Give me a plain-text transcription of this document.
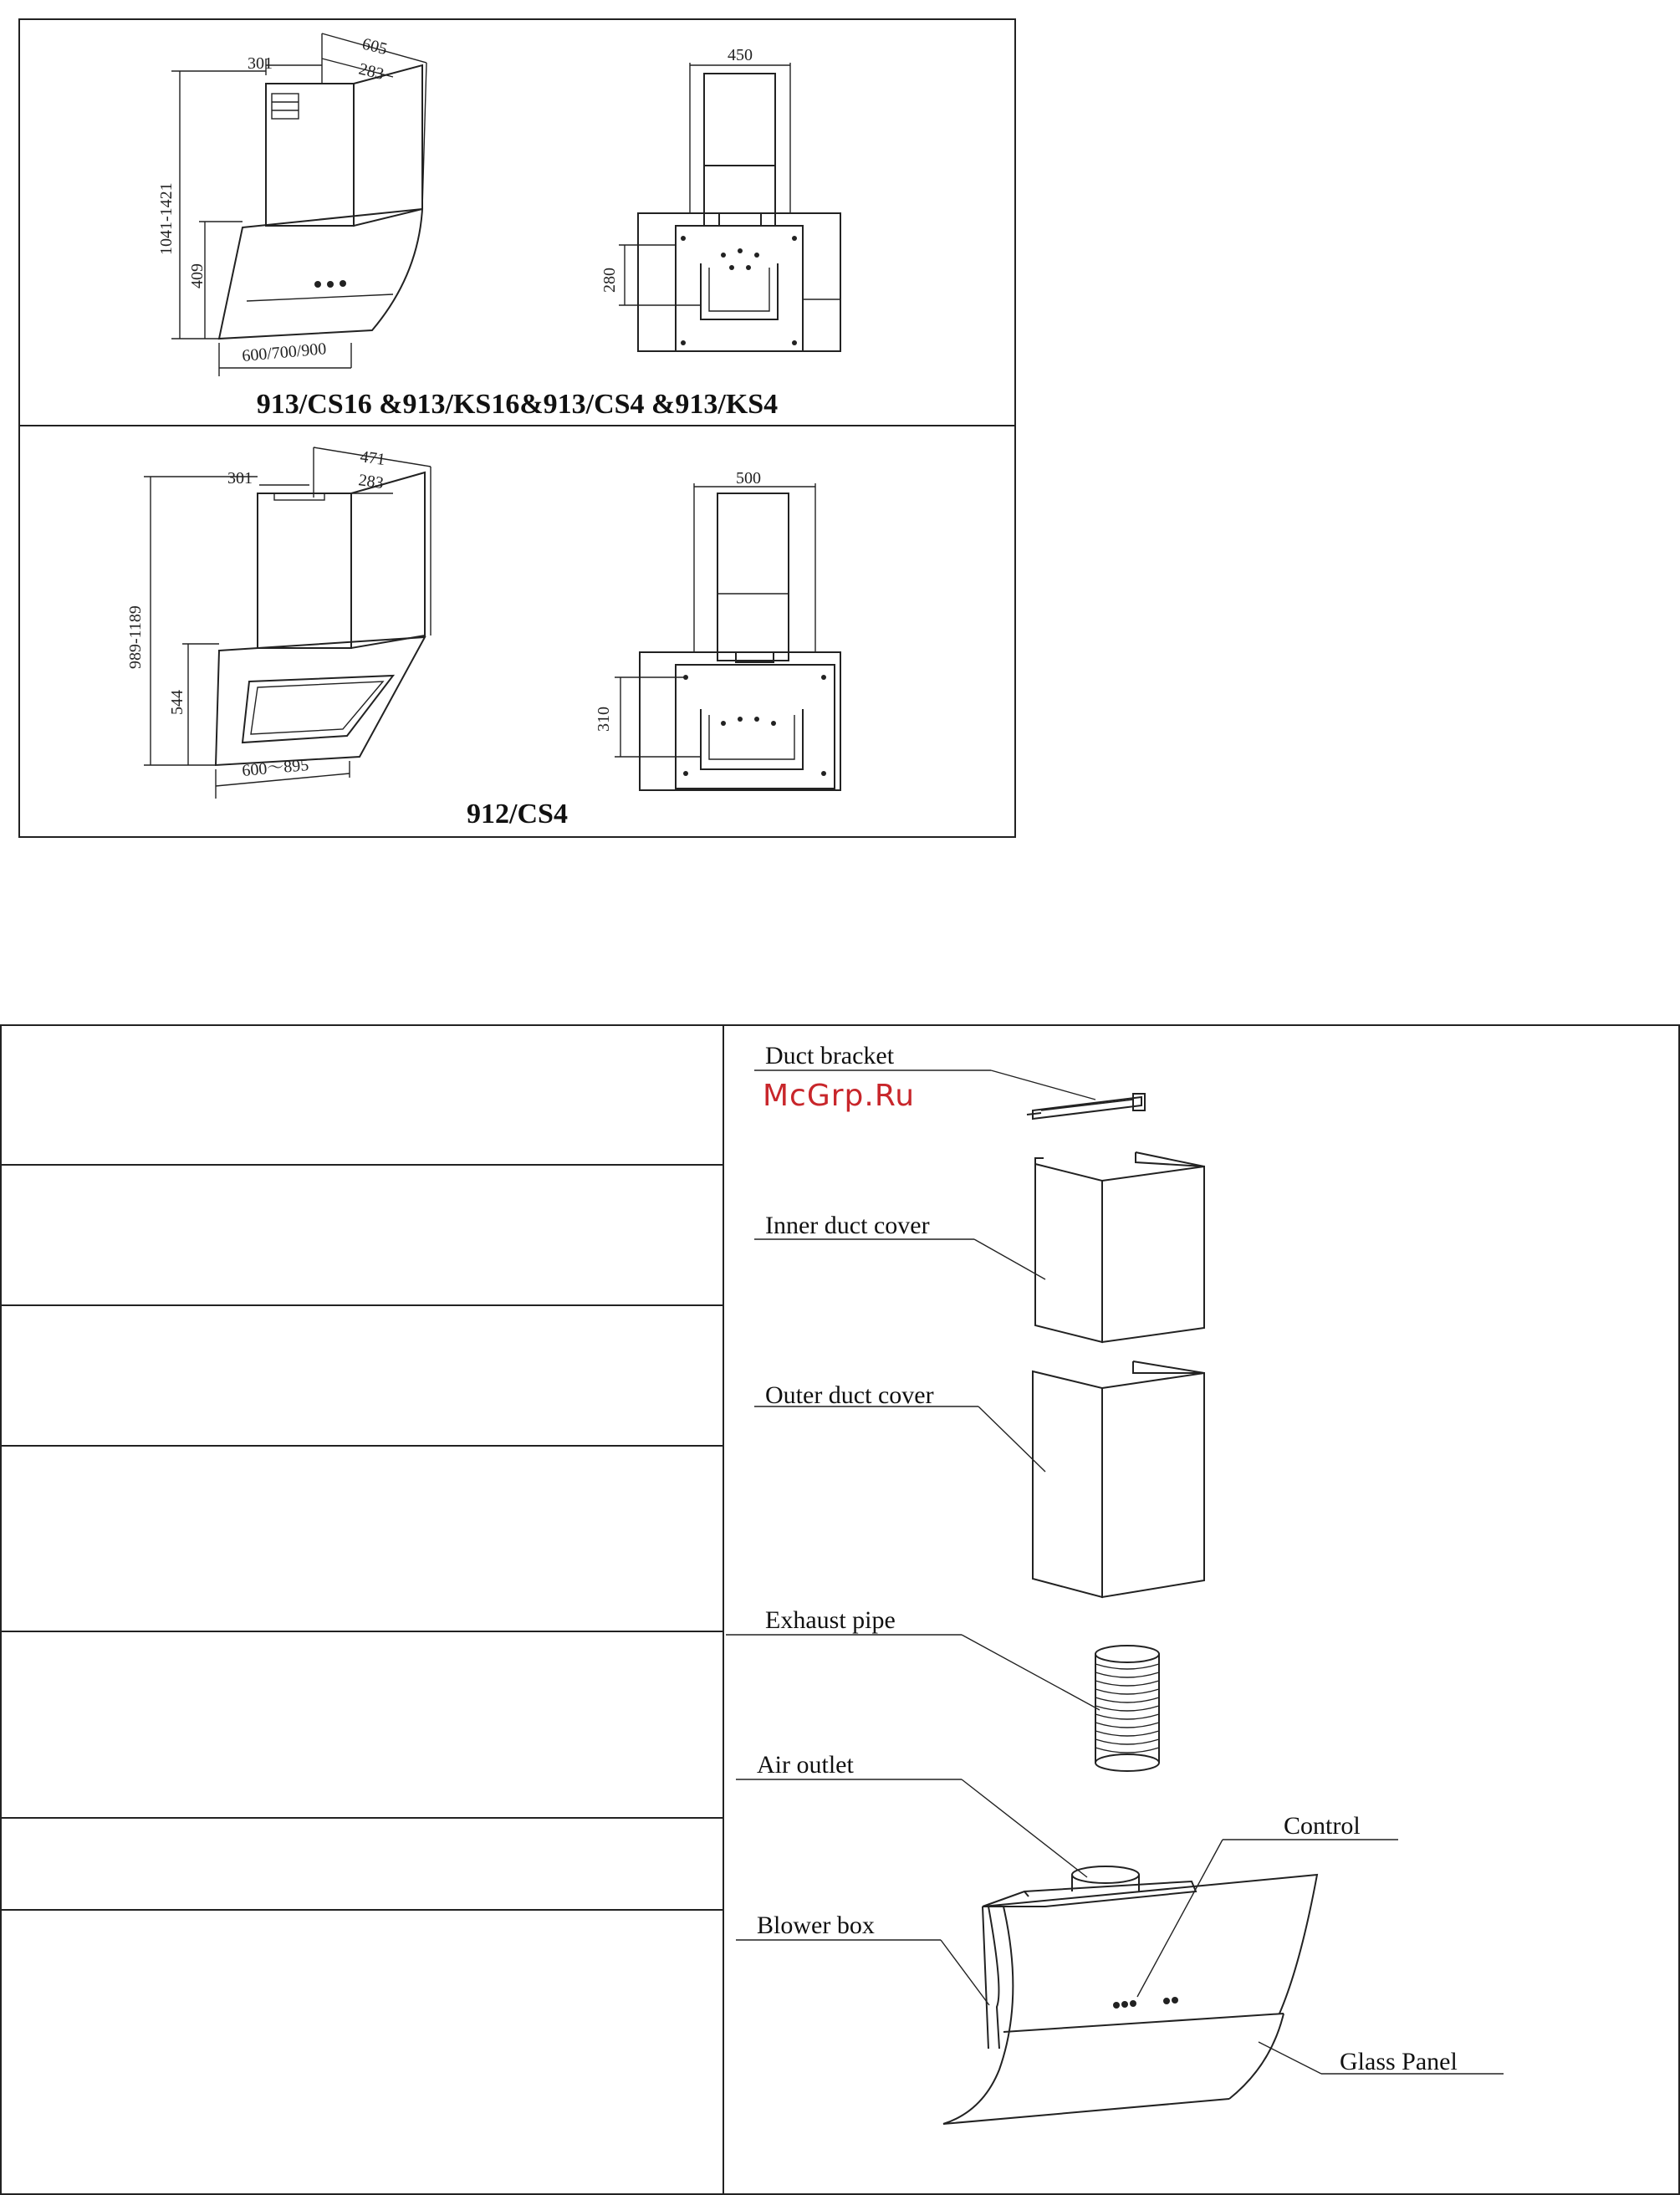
913/CS16 &913/KS16&913/CS4 &913/KS4
912/CS4
301
605
283
1041-1421
409
600/700/900
450
280
301
471
283
989-1189
544
600～895
500
310
Duct bracket
Inner duct cover
Outer duct cover
Exhaust pipe
Air outlet
Control
Blower box
Glass Panel
McGrp.Ru
